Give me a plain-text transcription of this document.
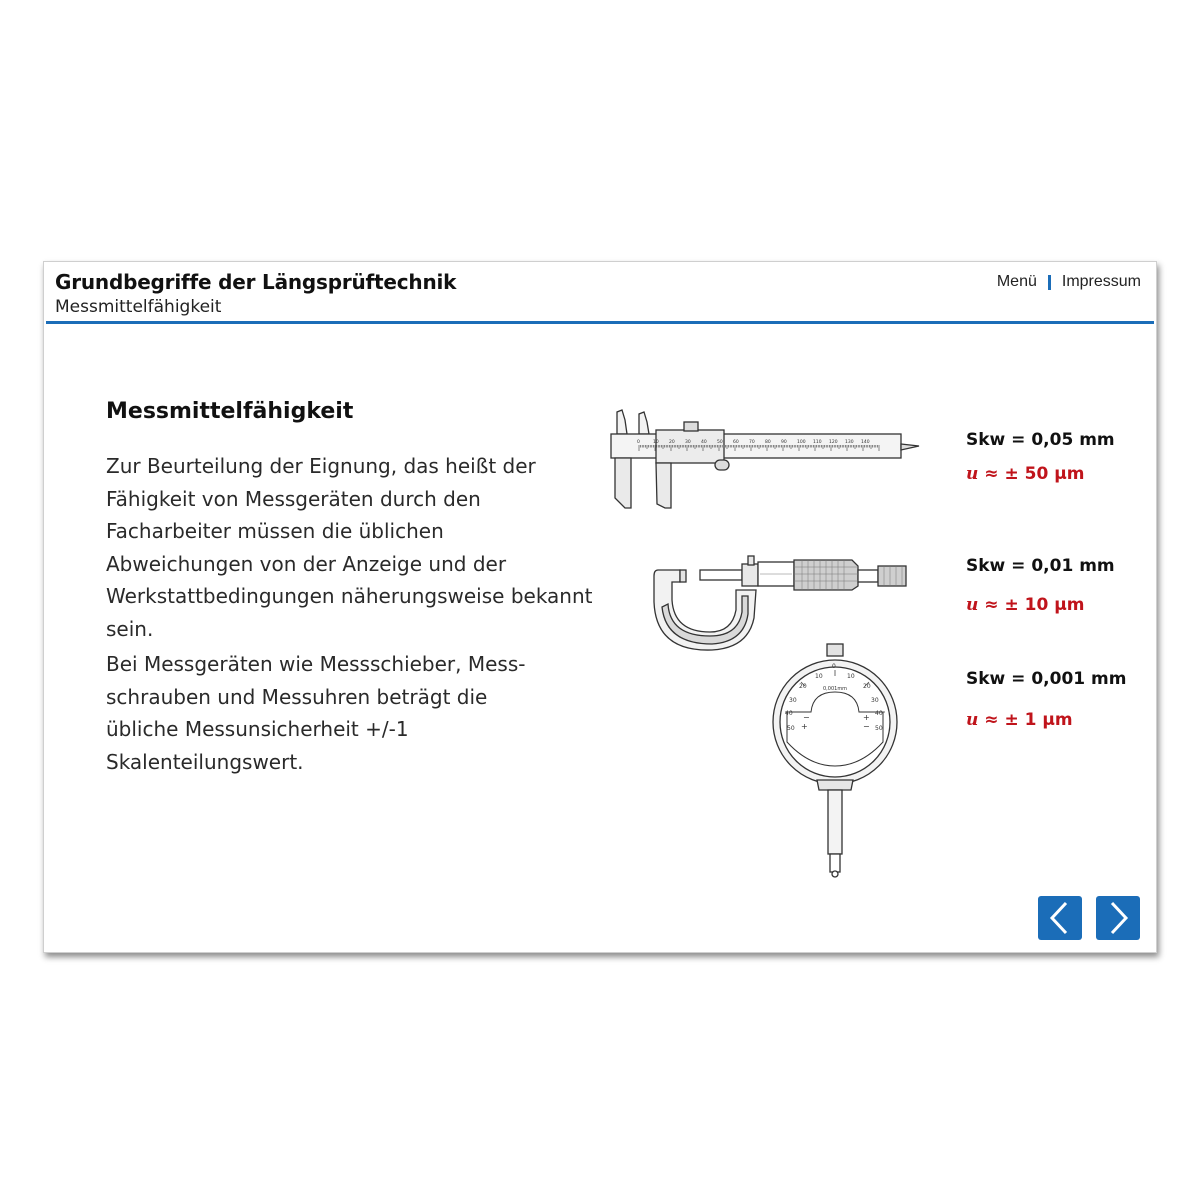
Grundbegriffe der Längsprüftechnik
Messmittelfähigkeit
Menü Impressum
Messmittelfähigkeit

Zur Beurteilung der Eignung, das heißt der Fähigkeit von Messgeräten durch den Facharbeiter müssen die üblichen Abweichungen von der Anzeige und der Werkstattbedingungen näherungsweise bekannt sein.

Bei Messgeräten wie Messschieber, Mess-schrauben und Messuhren beträgt die übliche Messunsicherheit +/-1 Skalenteilungswert.

0	10 20 30 40 50 60 70 80 90 100 110 120 130 140
0
10
20
30
40
50
10
20
30
40
50
0,001mm
−
+
+
−
Skw = 0,05 mm
u ≈ ± 50 µm
Skw = 0,01 mm
u ≈ ± 10 µm
Skw = 0,001 mm
u ≈ ± 1 µm
